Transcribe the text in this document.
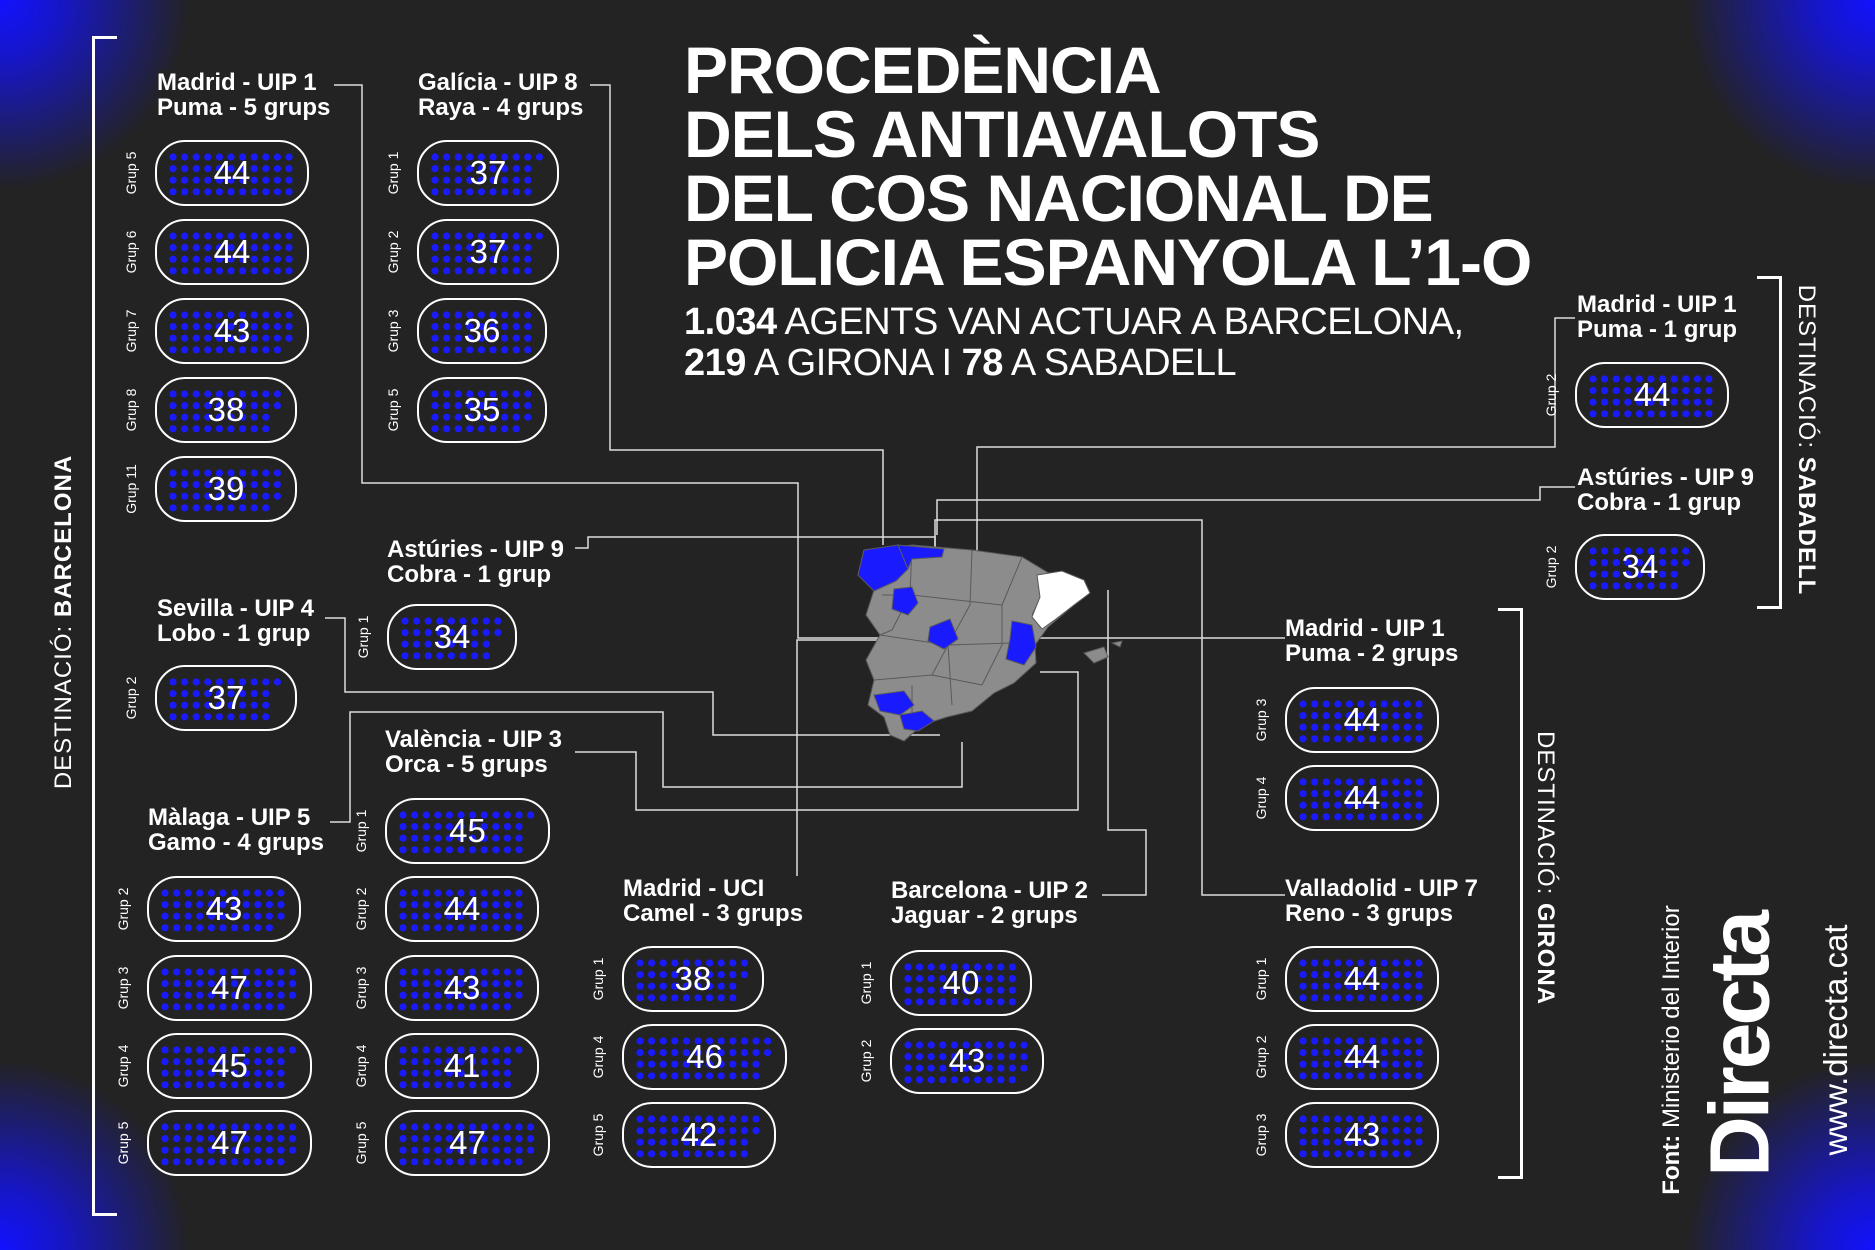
PROCEDÈNCIA
DELS ANTIAVALOTS
DEL COS NACIONAL DE
POLICIA ESPANYOLA L’1-O
1.034 AGENTS VAN ACTUAR A BARCELONA,
219 A GIRONA I 78 A SABADELL
DESTINACIÓ: BARCELONA
DESTINACIÓ: SABADELL
DESTINACIÓ: GIRONA
Madrid - UIP 1
Puma - 5 grups
Galícia - UIP 8
Raya - 4 grups
Astúries - UIP 9
Cobra - 1 grup
Sevilla - UIP 4
Lobo - 1 grup
València - UIP 3
Orca - 5 grups
Màlaga - UIP 5
Gamo - 4 grups
Madrid - UCI
Camel - 3 grups
Barcelona - UIP 2
Jaguar - 2 grups
Madrid - UIP 1
Puma - 2 grups
Valladolid - UIP 7
Reno - 3 grups
Madrid - UIP 1
Puma - 1 grup
Astúries - UIP 9
Cobra - 1 grup
Grup 5	44
Grup 6	44
Grup 7	43
Grup 8	38
Grup 11	39
Grup 1	37
Grup 2	37
Grup 3	36
Grup 5	35
Grup 1	34
Grup 2	37
Grup 1	45
Grup 2	44
Grup 3	43
Grup 4	41
Grup 5	47
Grup 2	43
Grup 3	47
Grup 4	45
Grup 5	47
Grup 1	38
Grup 4	46
Grup 5	42
Grup 1	40
Grup 2	43
Grup 3	44
Grup 4	44
Grup 1	44
Grup 2	44
Grup 3	43
Grup 2	44
Grup 2	34
Font: Ministerio del Interior Directa www.directa.cat
